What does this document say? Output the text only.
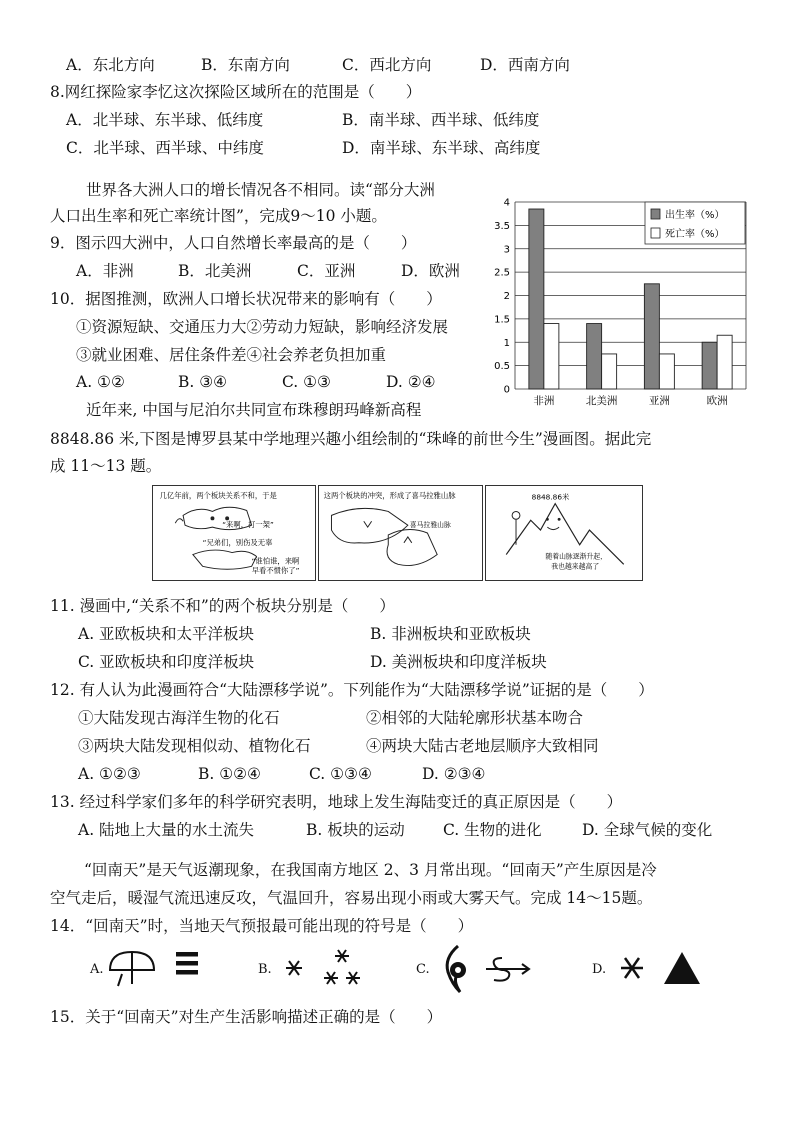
A．东北方向	B．东南方向	C．西北方向	D．西南方向
8.网红探险家李忆这次探险区域所在的范围是（　　）
A．北半球、东半球、低纬度	B．南半球、西半球、低纬度
C．北半球、西半球、中纬度	D．南半球、东半球、高纬度
世界各大洲人口的增长情况各不相同。读“部分大洲
人口出生率和死亡率统计图”，完成9～10 小题。
9．图示四大洲中，人口自然增长率最高的是（　　）
A．非洲	B．北美洲	C．亚洲	D．欧洲
10．据图推测，欧洲人口增长状况带来的影响有（　　）
①资源短缺、交通压力大②劳动力短缺，影响经济发展
③就业困难、居住条件差④社会养老负担加重
A. ①②	B. ③④	C. ①③	D. ②④	0
0.5
1
1.5
2
2.5
3
3.5
4
非洲	北美洲	亚洲	欧洲
出生率（%）
死亡率（%）
近年来, 中国与尼泊尔共同宣布珠穆朗玛峰新高程
8848.86 米,下图是博罗县某中学地理兴趣小组绘制的“珠峰的前世今生”漫画图。据此完
成 11～13 题。
几亿年前，两个板块关系不和，于是
“来啊，打一架”
“兄弟们，别伤及无辜
“谁怕谁，来啊
早看不惯你了”
这两个板块的冲突，形成了喜马拉雅山脉
喜马拉雅山脉
8848.86米
随着山脉逐渐升起，
我也越来越高了
11. 漫画中,“关系不和”的两个板块分别是（　　）
A. 亚欧板块和太平洋板块	B. 非洲板块和亚欧板块
C. 亚欧板块和印度洋板块	D. 美洲板块和印度洋板块
12. 有人认为此漫画符合“大陆漂移学说”。下列能作为“大陆漂移学说”证据的是（　　）
①大陆发现古海洋生物的化石	②相邻的大陆轮廓形状基本吻合
③两块大陆发现相似动、植物化石	④两块大陆古老地层顺序大致相同
A. ①②③	B. ①②④	C. ①③④	D. ②③④
13. 经过科学家们多年的科学研究表明，地球上发生海陆变迁的真正原因是（　　）
A. 陆地上大量的水土流失	B. 板块的运动 C. 生物的进化	D. 全球气候的变化
“回南天”是天气返潮现象，在我国南方地区 2、3 月常出现。“回南天”产生原因是冷
空气走后，暖湿气流迅速反攻，气温回升，容易出现小雨或大雾天气。完成 14～15题。
14．“回南天”时，当地天气预报最可能出现的符号是（　　）
A.	B.	C.	D.
15．关于“回南天”对生产生活影响描述正确的是（　　）
